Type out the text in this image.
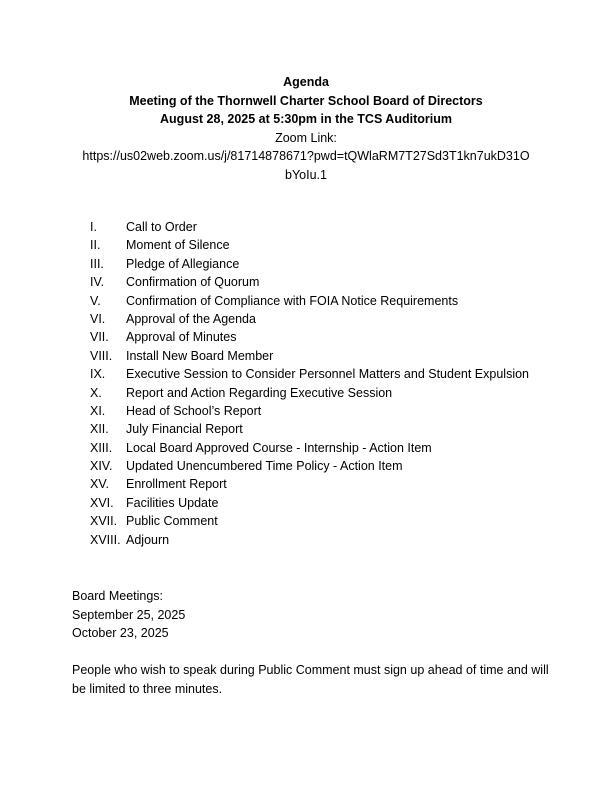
Agenda
Meeting of the Thornwell Charter School Board of Directors
August 28, 2025 at 5:30pm in the TCS Auditorium
Zoom Link:
https://us02web.zoom.us/j/81714878671?pwd=tQWlaRM7T27Sd3T1kn7ukD31O
bYoIu.1
I.	Call to Order
II.	Moment of Silence
III.	Pledge of Allegiance
IV.	Confirmation of Quorum
V.	Confirmation of Compliance with FOIA Notice Requirements
VI.	Approval of the Agenda
VII.	Approval of Minutes
VIII.	Install New Board Member
IX.	Executive Session to Consider Personnel Matters and Student Expulsion
X.	Report and Action Regarding Executive Session
XI.	Head of School’s Report
XII.	July Financial Report
XIII.	Local Board Approved Course - Internship - Action Item
XIV.	Updated Unencumbered Time Policy - Action Item
XV.	Enrollment Report
XVI. Facilities Update
XVII. Public Comment
XVIII. Adjourn
Board Meetings:
September 25, 2025
October 23, 2025
People who wish to speak during Public Comment must sign up ahead of time and will be limited to three minutes.
